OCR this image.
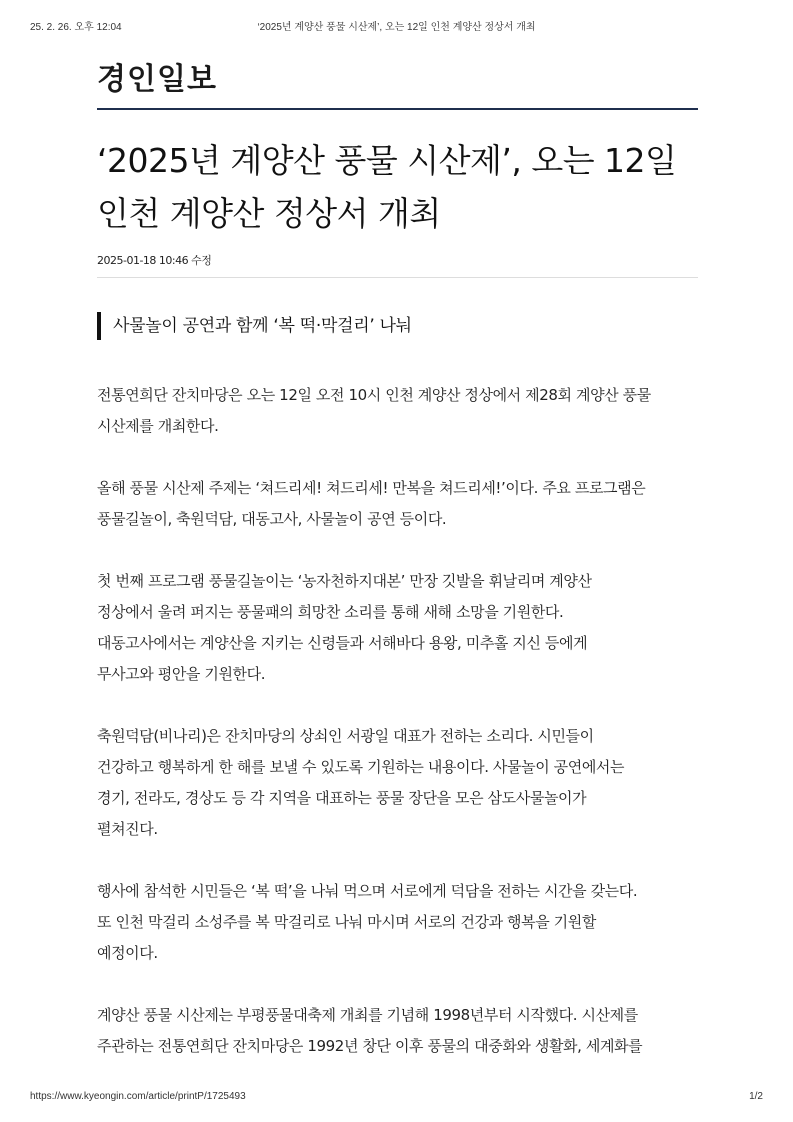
25. 2. 26. 오후 12:04	‘2025년 계양산 풍물 시산제’, 오는 12일 인천 계양산 정상서 개최
경인일보
‘2025년 계양산 풍물 시산제’, 오는 12일
인천 계양산 정상서 개최
2025-01-18 10:46 수정
사물놀이 공연과 함께 ‘복 떡·막걸리’ 나눠

전통연희단 잔치마당은 오는 12일 오전 10시 인천 계양산 정상에서 제28회 계양산 풍물
시산제를 개최한다.

올해 풍물 시산제 주제는 ‘쳐드리세! 쳐드리세! 만복을 쳐드리세!’이다. 주요 프로그램은
풍물길놀이, 축원덕담, 대동고사, 사물놀이 공연 등이다.

첫 번째 프로그램 풍물길놀이는 ‘농자천하지대본’ 만장 깃발을 휘날리며 계양산
정상에서 울려 퍼지는 풍물패의 희망찬 소리를 통해 새해 소망을 기원한다.
대동고사에서는 계양산을 지키는 신령들과 서해바다 용왕, 미추홀 지신 등에게
무사고와 평안을 기원한다.

축원덕담(비나리)은 잔치마당의 상쇠인 서광일 대표가 전하는 소리다. 시민들이
건강하고 행복하게 한 해를 보낼 수 있도록 기원하는 내용이다. 사물놀이 공연에서는
경기, 전라도, 경상도 등 각 지역을 대표하는 풍물 장단을 모은 삼도사물놀이가
펼쳐진다.

행사에 참석한 시민들은 ‘복 떡’을 나눠 먹으며 서로에게 덕담을 전하는 시간을 갖는다.
또 인천 막걸리 소성주를 복 막걸리로 나눠 마시며 서로의 건강과 행복을 기원할
예정이다.

계양산 풍물 시산제는 부평풍물대축제 개최를 기념해 1998년부터 시작했다. 시산제를
주관하는 전통연희단 잔치마당은 1992년 창단 이후 풍물의 대중화와 생활화, 세계화를

https://www.kyeongin.com/article/printP/1725493	1/2
